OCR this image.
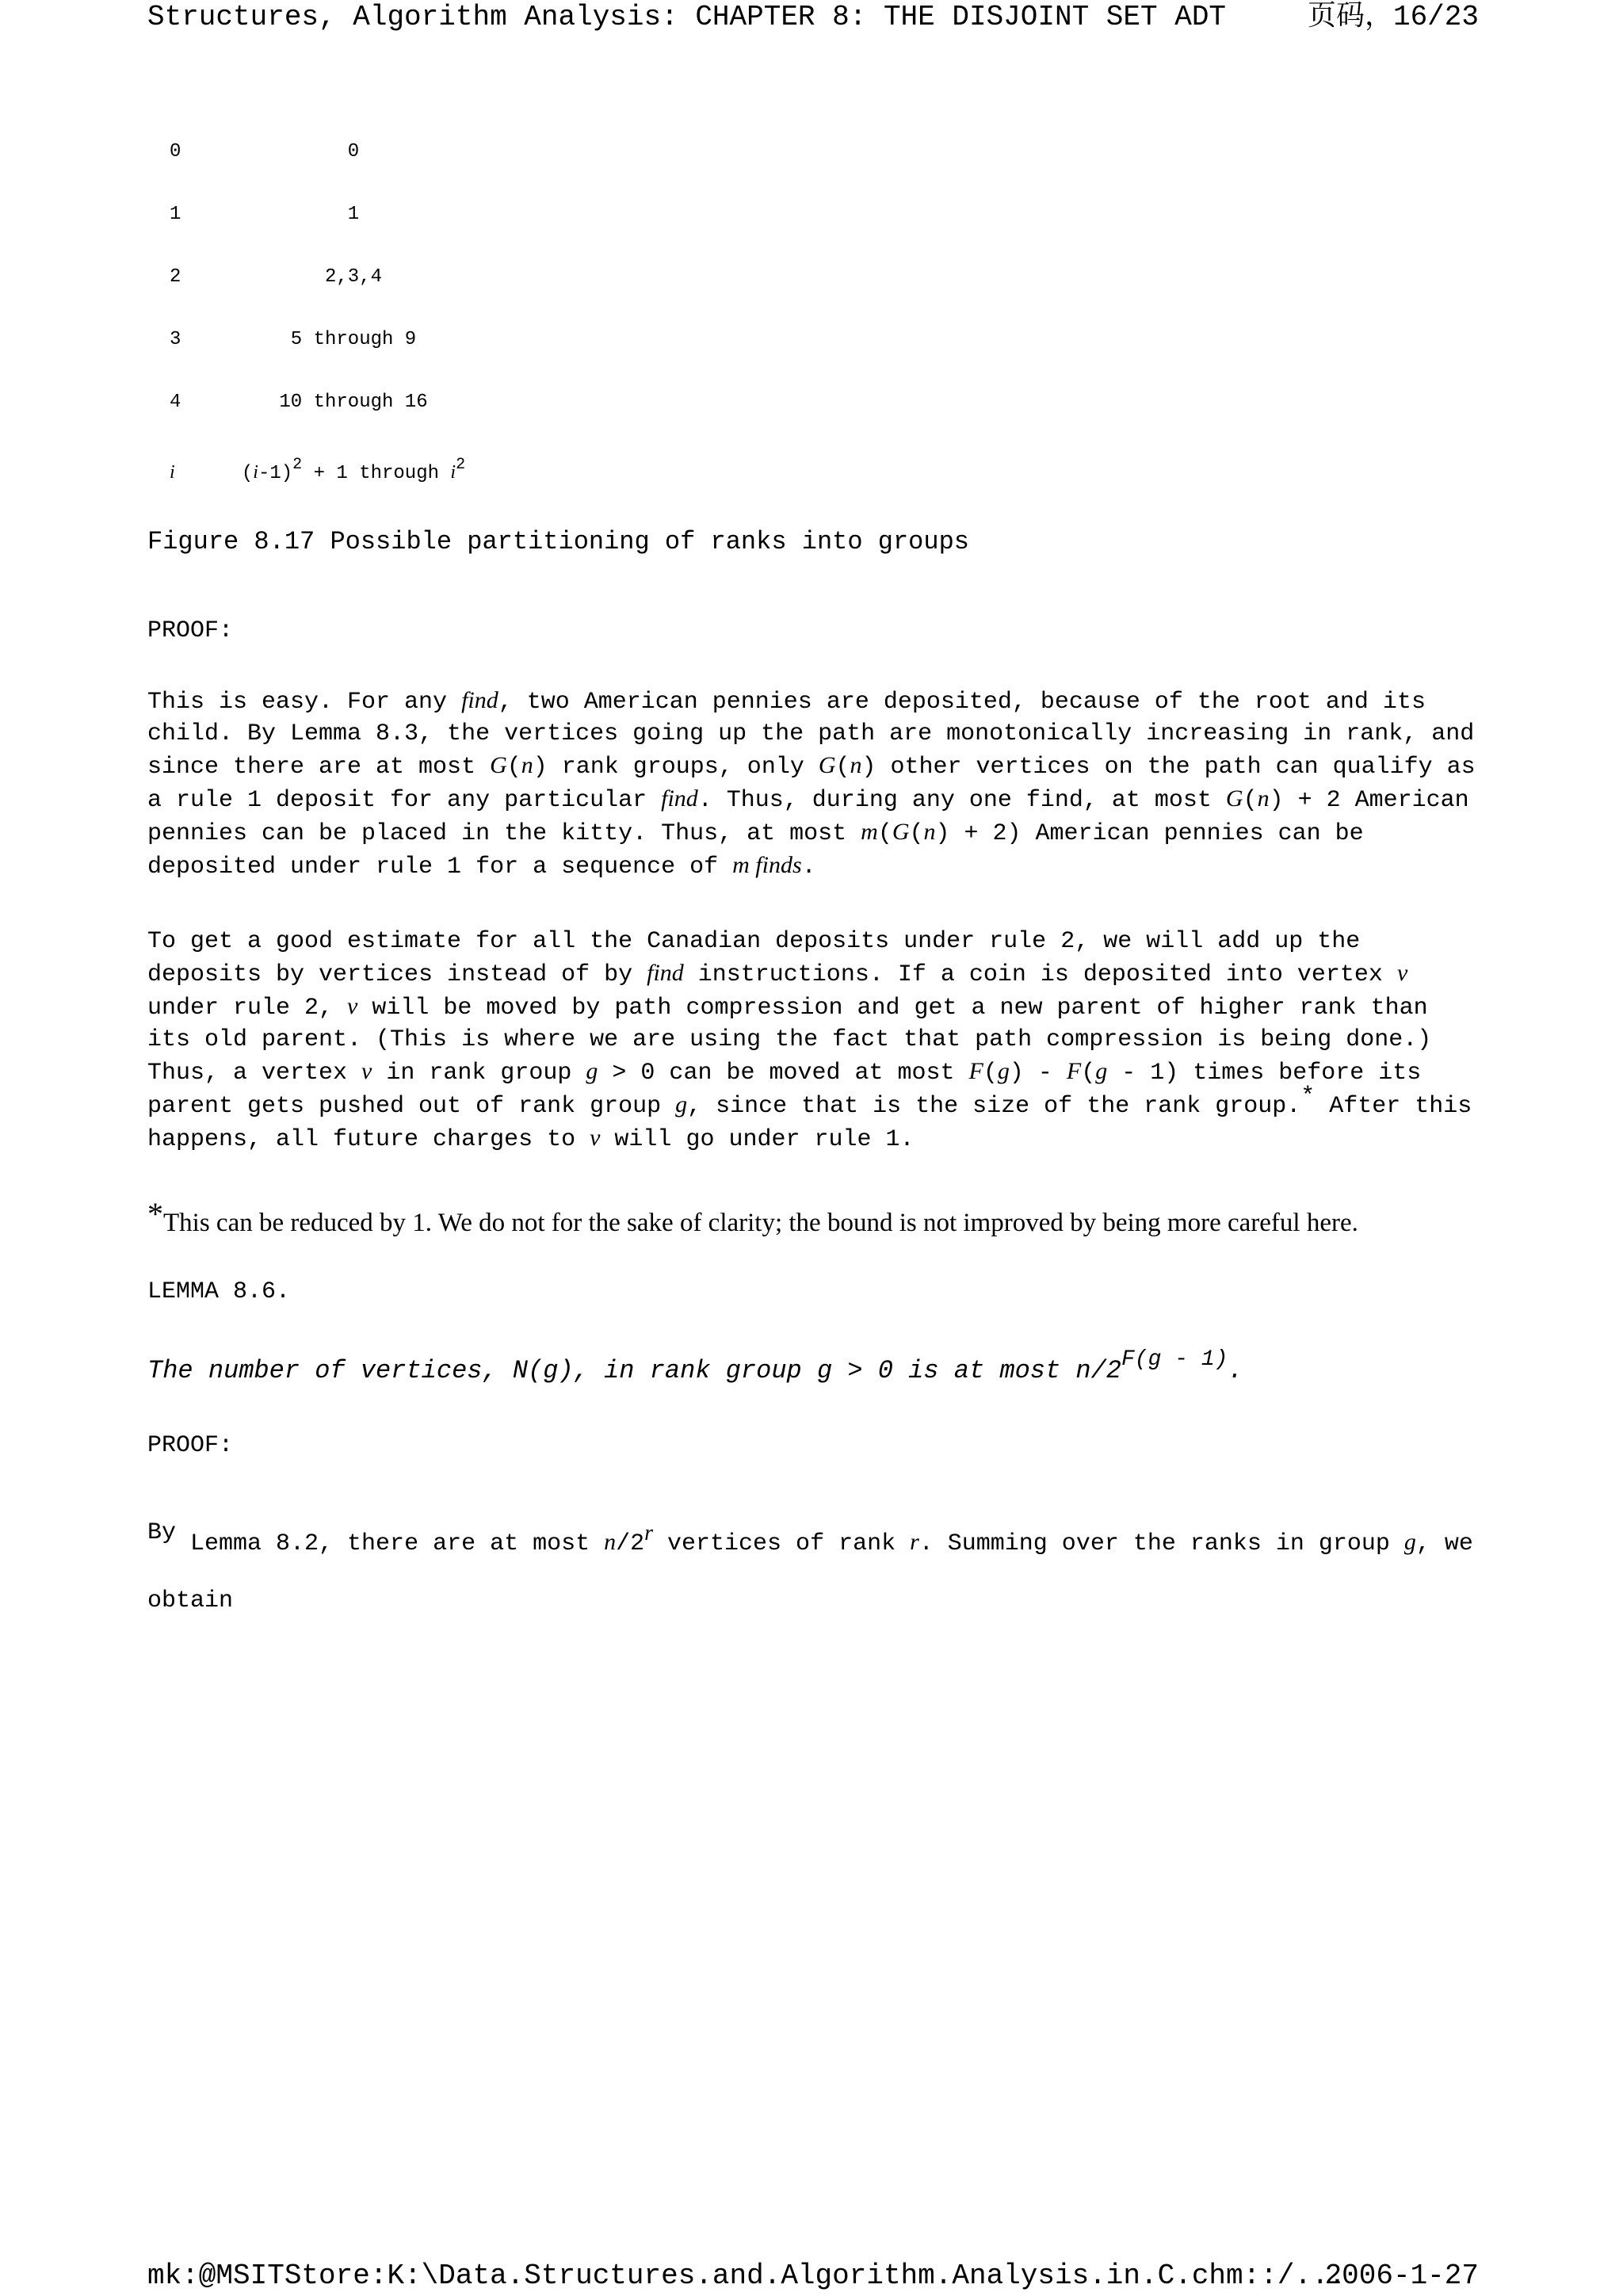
Structures, Algorithm Analysis: CHAPTER 8: THE DISJOINT SET ADT	页码，16/23
0	0
1	1
2	2,3,4
3	5 through 9
4	10 through 16
i	$(i-1)^2 + 1$ through $i^2$
Figure 8.17 Possible partitioning of ranks into groups
PROOF:
This is easy. For any find, two American pennies are deposited, because of the root and its child. By Lemma 8.3, the vertices going up the path are monotonically increasing in rank, and since there are at most G(n) rank groups, only G(n) other vertices on the path can qualify as a rule 1 deposit for any particular find. Thus, during any one find, at most G(n) + 2 American pennies can be placed in the kitty. Thus, at most m(G(n) + 2) American pennies can be deposited under rule 1 for a sequence of m finds.
To get a good estimate for all the Canadian deposits under rule 2, we will add up the deposits by vertices instead of by find instructions. If a coin is deposited into vertex v under rule 2, v will be moved by path compression and get a new parent of higher rank than its old parent. (This is where we are using the fact that path compression is being done.) Thus, a vertex v in rank group g > 0 can be moved at most F(g) - F(g - 1) times before its parent gets pushed out of rank group g, since that is the size of the rank group.* After this happens, all future charges to v will go under rule 1.
*This can be reduced by 1. We do not for the sake of clarity; the bound is not improved by being more careful here.
LEMMA 8.6.
The number of vertices, N(g), in rank group g > 0 is at most $n/2^{F(g - 1)}$.
PROOF:
By Lemma 8.2, there are at most n/2$^r$ vertices of rank r. Summing over the ranks in group g, we
obtain
mk:@MSITStore:K:\Data.Structures.and.Algorithm.Analysis.in.C.chm::/...
2006-1-27
